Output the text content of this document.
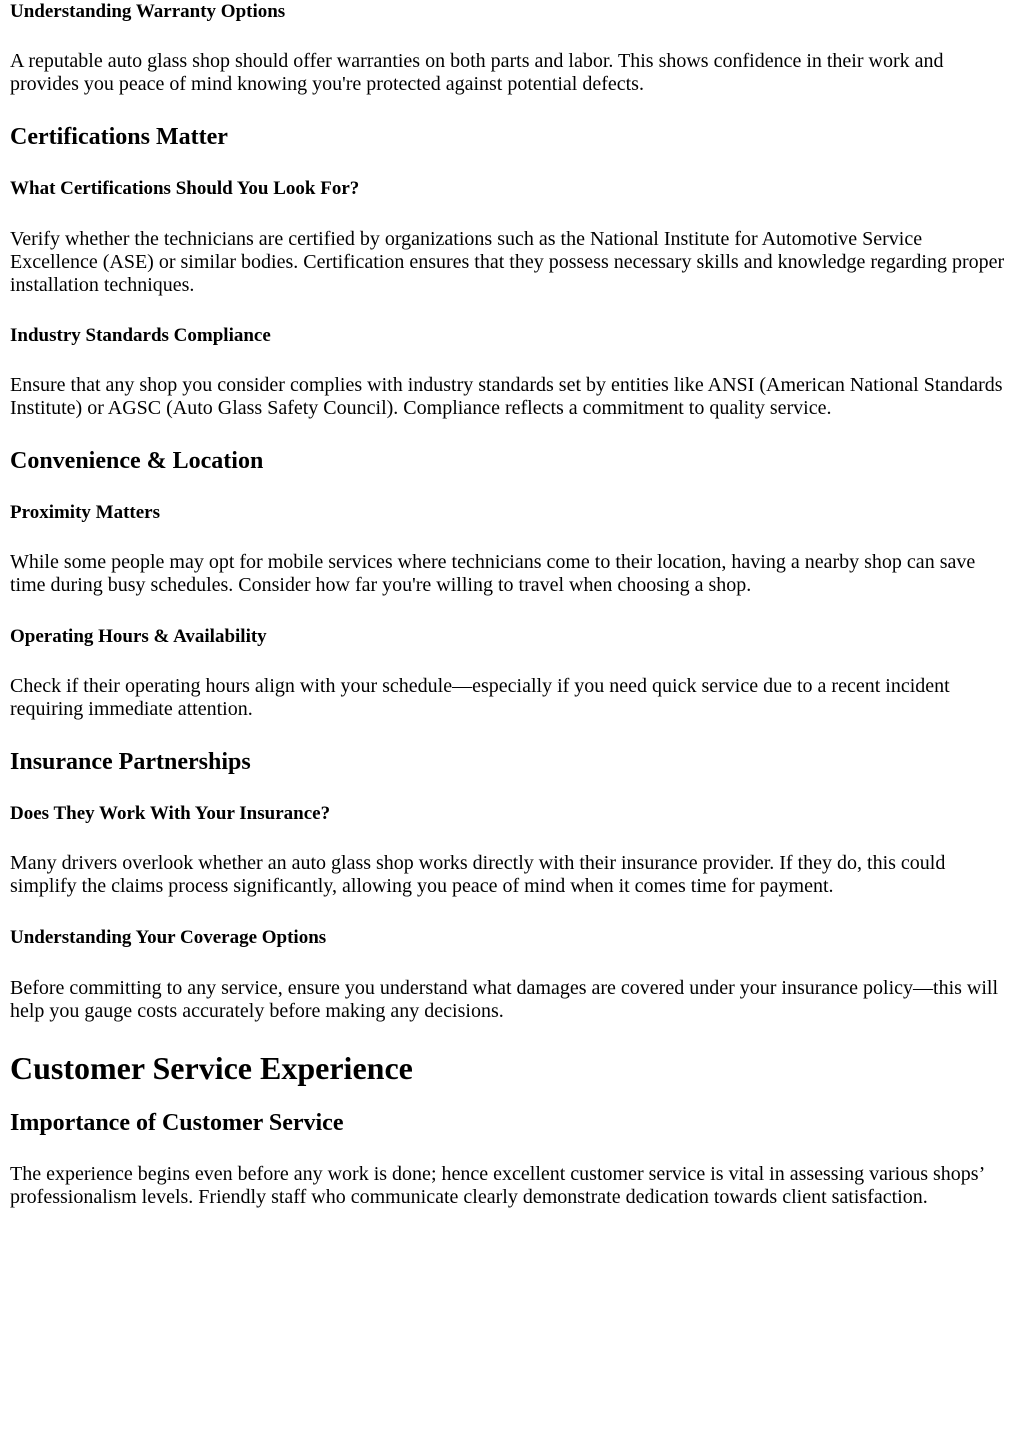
Understanding Warranty Options

A reputable auto glass shop should offer warranties on both parts and labor. This shows confidence in their work and provides you peace of mind knowing you're protected against potential defects.

Certifications Matter
What Certifications Should You Look For?

Verify whether the technicians are certified by organizations such as the National Institute for Automotive Service Excellence (ASE) or similar bodies. Certification ensures that they possess necessary skills and knowledge regarding proper installation techniques.

Industry Standards Compliance

Ensure that any shop you consider complies with industry standards set by entities like ANSI (American National Standards Institute) or AGSC (Auto Glass Safety Council). Compliance reflects a commitment to quality service.

Convenience & Location
Proximity Matters

While some people may opt for mobile services where technicians come to their location, having a nearby shop can save time during busy schedules. Consider how far you're willing to travel when choosing a shop.

Operating Hours & Availability

Check if their operating hours align with your schedule—especially if you need quick service due to a recent incident requiring immediate attention.

Insurance Partnerships
Does They Work With Your Insurance?

Many drivers overlook whether an auto glass shop works directly with their insurance provider. If they do, this could simplify the claims process significantly, allowing you peace of mind when it comes time for payment.

Understanding Your Coverage Options

Before committing to any service, ensure you understand what damages are covered under your insurance policy—this will help you gauge costs accurately before making any decisions.

Customer Service Experience
Importance of Customer Service

The experience begins even before any work is done; hence excellent customer service is vital in assessing various shops’ professionalism levels. Friendly staff who communicate clearly demonstrate dedication towards client satisfaction.
